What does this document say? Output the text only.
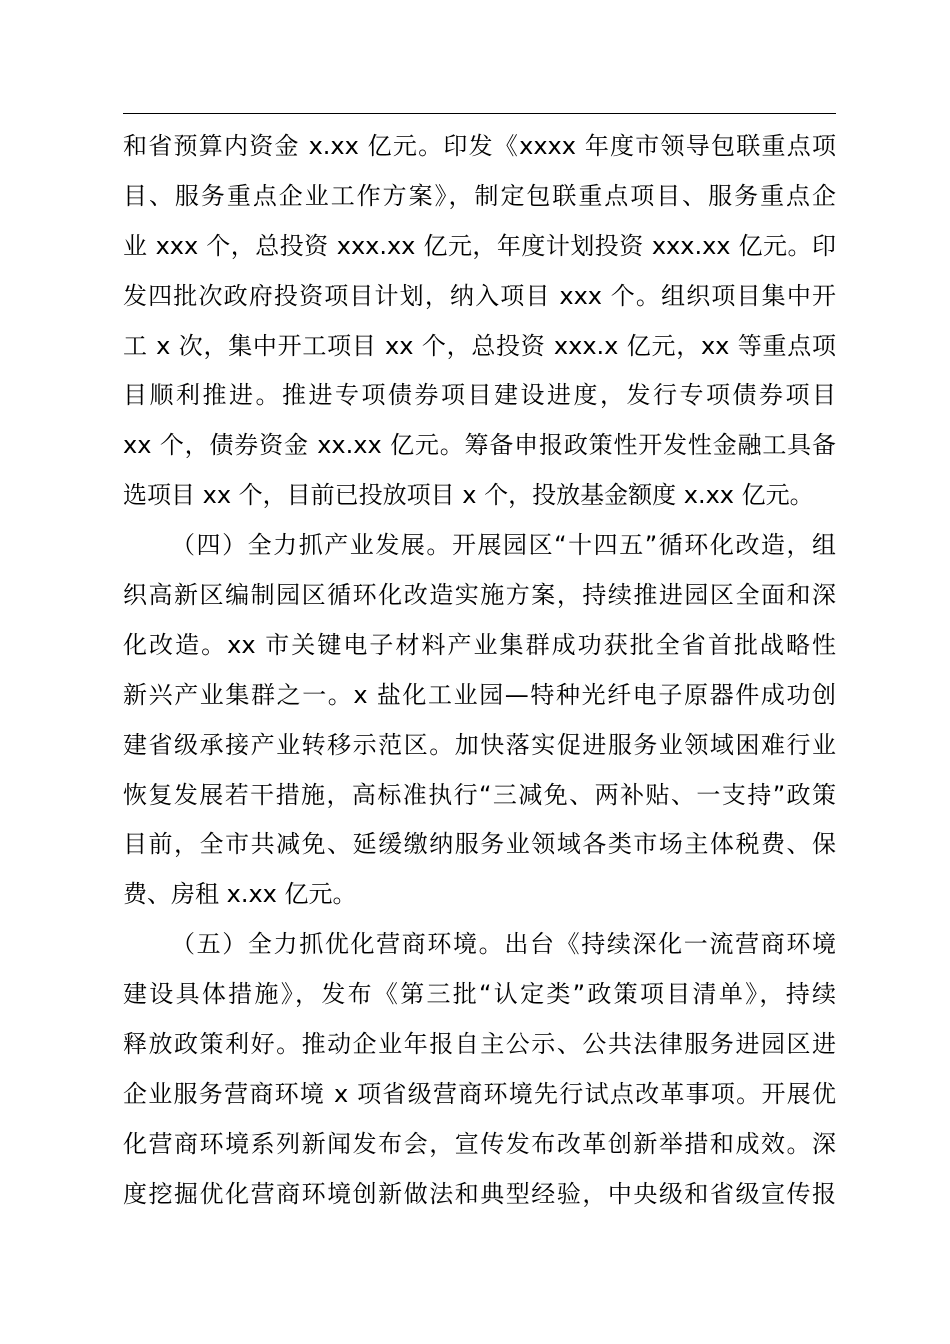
和省预算内资金 x.xx 亿元。印发《xxxx 年度市领导包联重点项
目、服务重点企业工作方案》，制定包联重点项目、服务重点企
业 xxx 个，总投资 xxx.xx 亿元，年度计划投资 xxx.xx 亿元。印
发四批次政府投资项目计划，纳入项目 xxx 个。组织项目集中开
工 x 次，集中开工项目 xx 个，总投资 xxx.x 亿元，xx 等重点项
目顺利推进。推进专项债券项目建设进度，发行专项债券项目
xx 个，债券资金 xx.xx 亿元。筹备申报政策性开发性金融工具备
选项目 xx 个，目前已投放项目 x 个，投放基金额度 x.xx 亿元。
（四）全力抓产业发展。开展园区“十四五”循环化改造，组
织高新区编制园区循环化改造实施方案，持续推进园区全面和深
化改造。xx 市关键电子材料产业集群成功获批全省首批战略性
新兴产业集群之一。x 盐化工业园—特种光纤电子原器件成功创
建省级承接产业转移示范区。加快落实促进服务业领域困难行业
恢复发展若干措施，高标准执行“三减免、两补贴、一支持”政策
目前，全市共减免、延缓缴纳服务业领域各类市场主体税费、保
费、房租 x.xx 亿元。
（五）全力抓优化营商环境。出台《持续深化一流营商环境
建设具体措施》，发布《第三批“认定类”政策项目清单》，持续
释放政策利好。推动企业年报自主公示、公共法律服务进园区进
企业服务营商环境 x 项省级营商环境先行试点改革事项。开展优
化营商环境系列新闻发布会，宣传发布改革创新举措和成效。深
度挖掘优化营商环境创新做法和典型经验，中央级和省级宣传报
